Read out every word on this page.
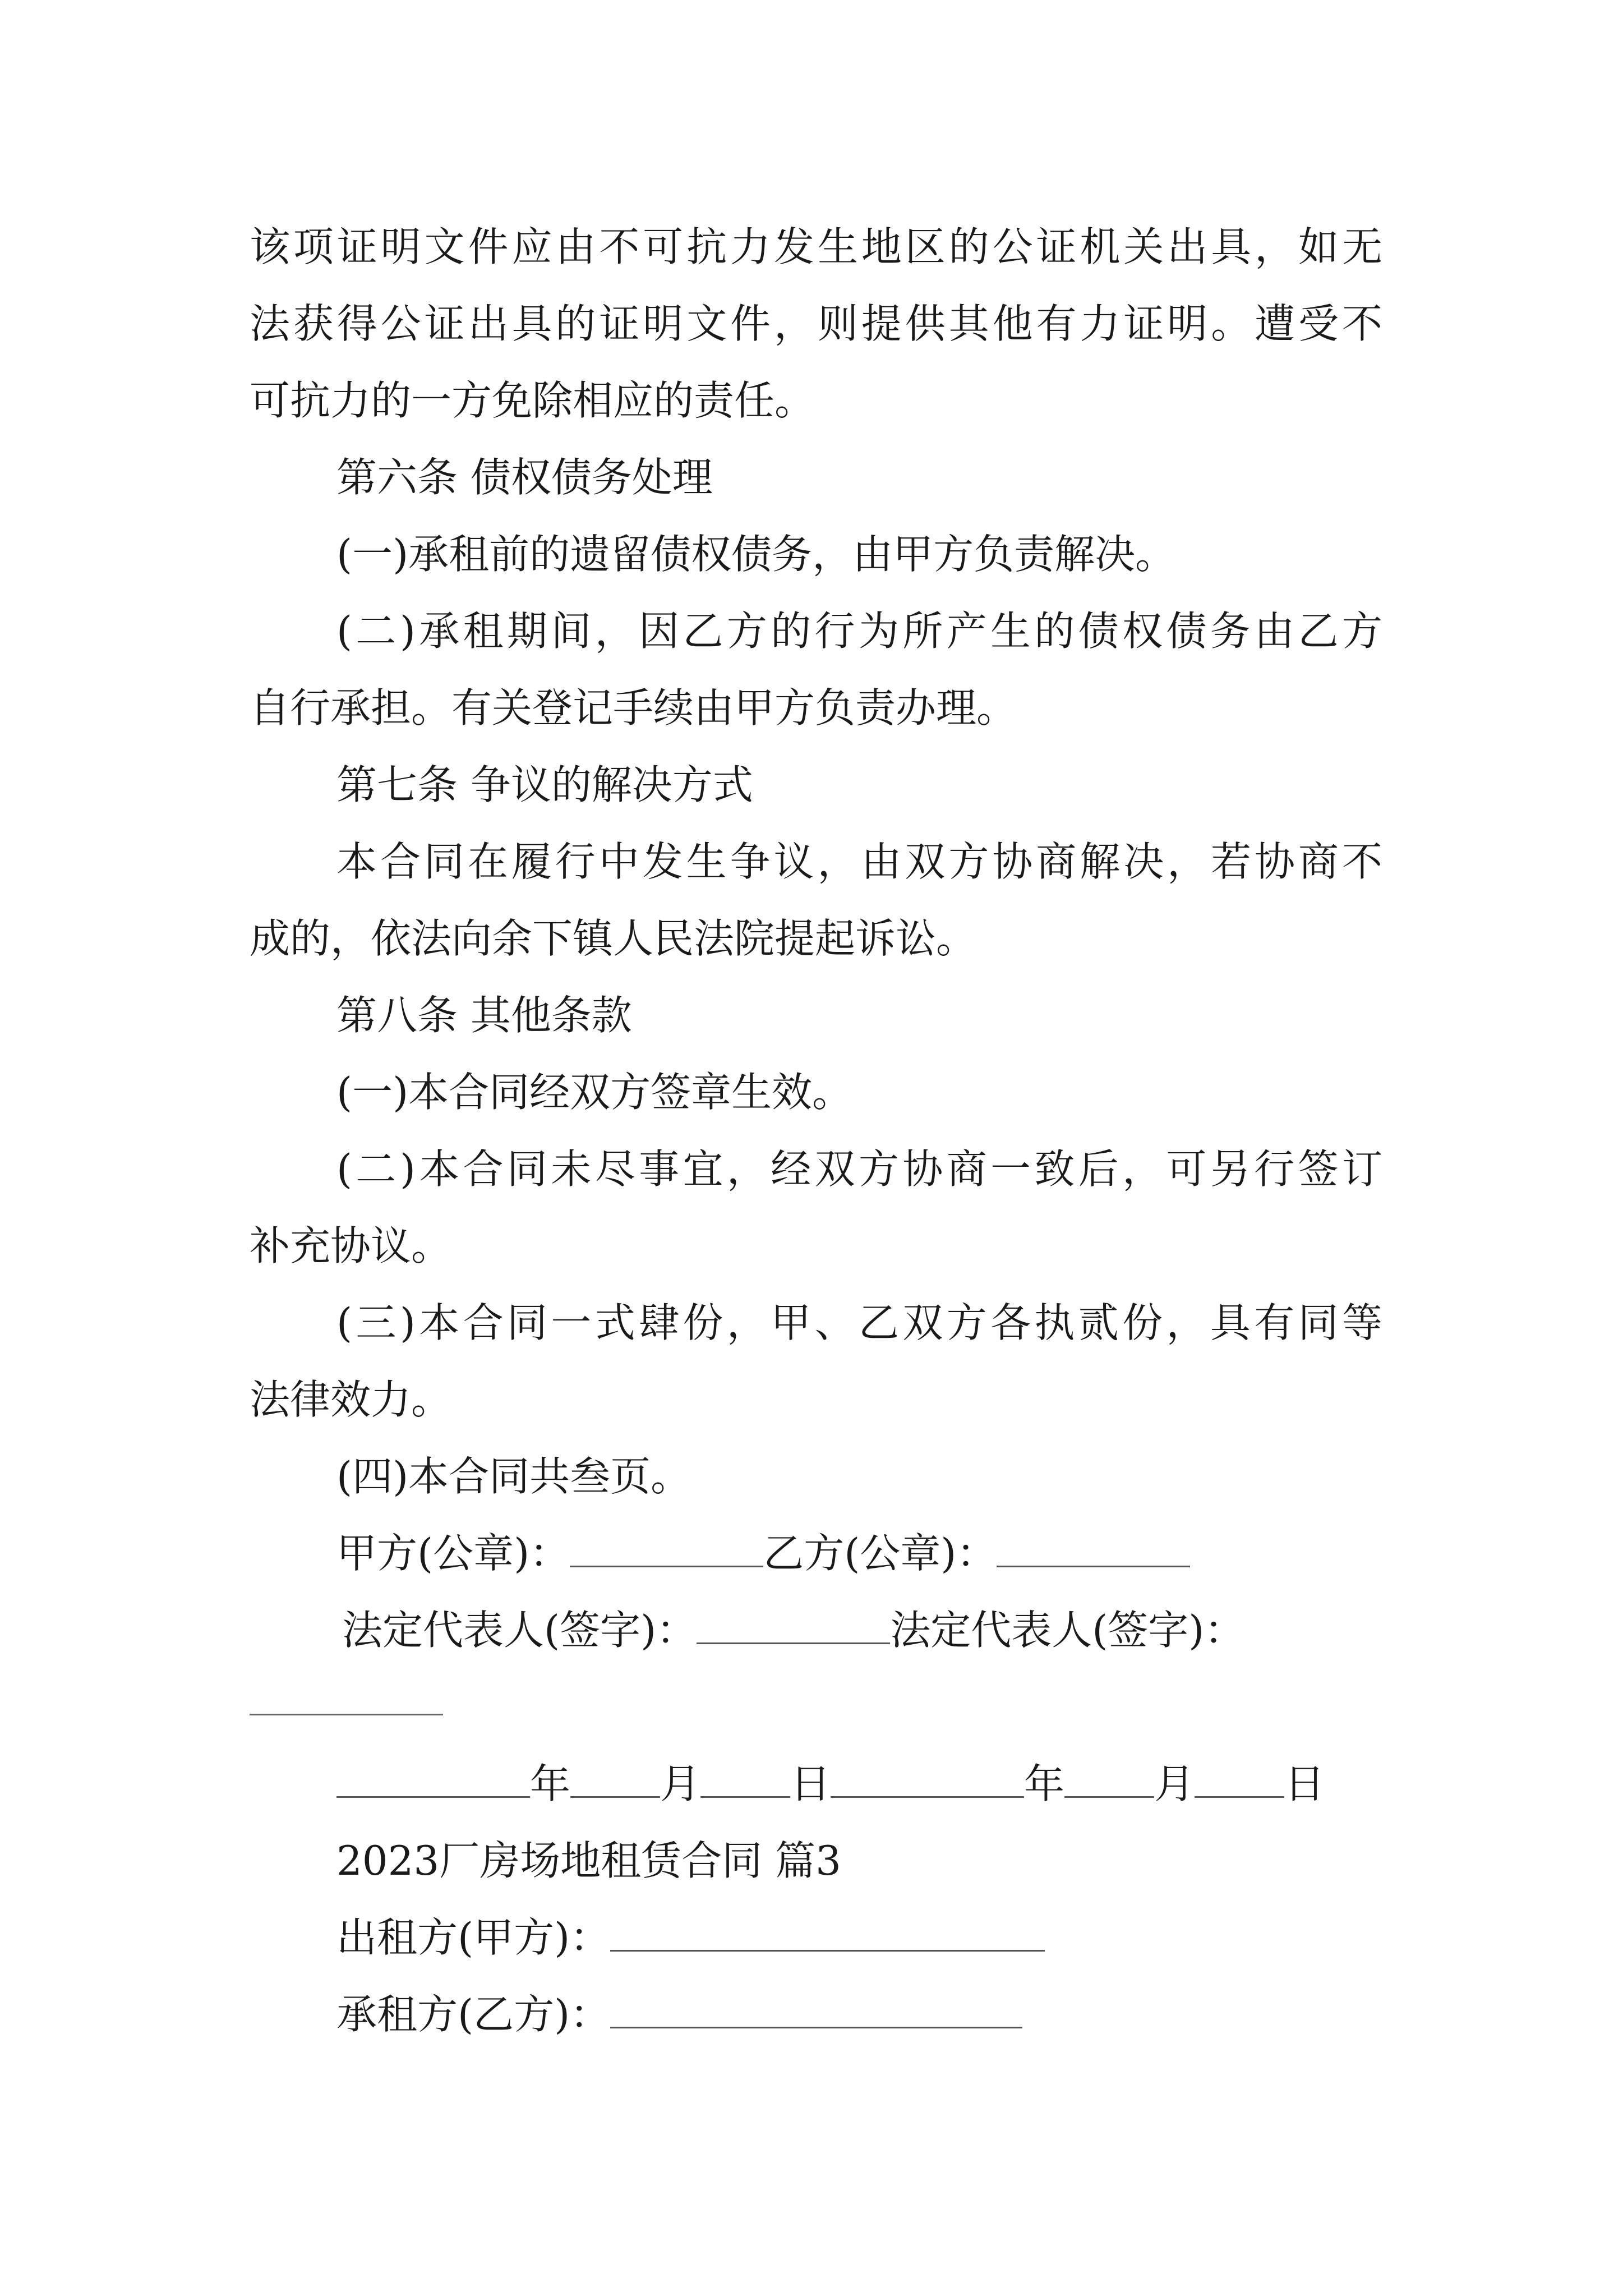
该项证明文件应由不可抗力发生地区的公证机关出具，如无
法获得公证出具的证明文件，则提供其他有力证明。遭受不
可抗力的一方免除相应的责任。
第六条 债权债务处理
(一)承租前的遗留债权债务，由甲方负责解决。
(二)承租期间，因乙方的行为所产生的债权债务由乙方
自行承担。有关登记手续由甲方负责办理。
第七条 争议的解决方式
本合同在履行中发生争议，由双方协商解决，若协商不
成的，依法向余下镇人民法院提起诉讼。
第八条 其他条款
(一)本合同经双方签章生效。
(二)本合同未尽事宜，经双方协商一致后，可另行签订
补充协议。
(三)本合同一式肆份，甲、乙双方各执贰份，具有同等
法律效力。
(四)本合同共叁页。
甲方(公章)：	乙方(公章)：
法定代表人(签字)：	法定代表人(签字)：
年 月 日	年 月 日
2023厂房场地租赁合同 篇3
出租方(甲方)：
承租方(乙方)：
